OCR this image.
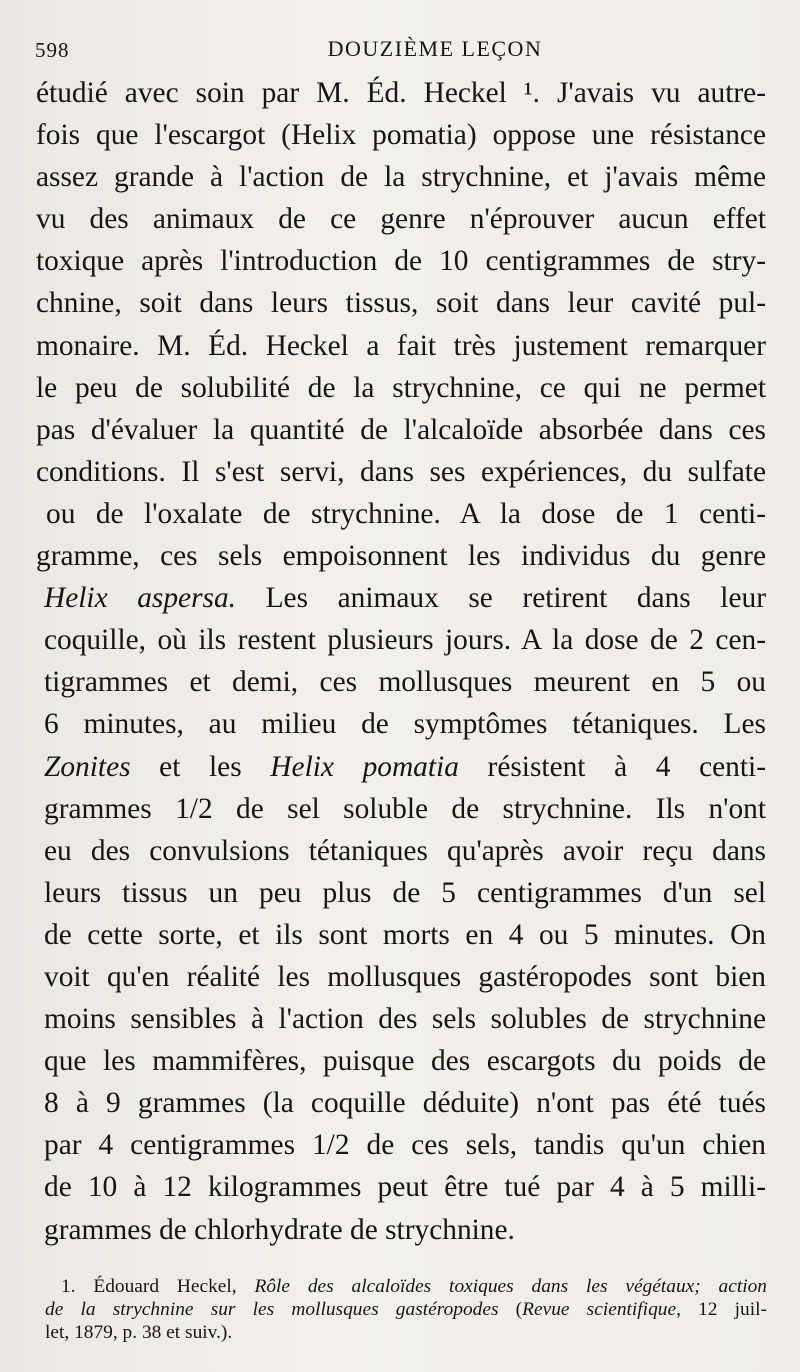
598	DOUZIÈME LEÇON
étudié avec soin par M. Éd. Heckel ¹. J'avais vu autre-
fois que l'escargot (Helix pomatia) oppose une résistance
assez grande à l'action de la strychnine, et j'avais même
vu des animaux de ce genre n'éprouver aucun effet
toxique après l'introduction de 10 centigrammes de stry-
chnine, soit dans leurs tissus, soit dans leur cavité pul-
monaire. M. Éd. Heckel a fait très justement remarquer
le peu de solubilité de la strychnine, ce qui ne permet
pas d'évaluer la quantité de l'alcaloïde absorbée dans ces
conditions. Il s'est servi, dans ses expériences, du sulfate
ou de l'oxalate de strychnine. A la dose de 1 centi-
gramme, ces sels empoisonnent les individus du genre
Helix aspersa. Les animaux se retirent dans leur
coquille, où ils restent plusieurs jours. A la dose de 2 cen-
tigrammes et demi, ces mollusques meurent en 5 ou
6 minutes, au milieu de symptômes tétaniques. Les
Zonites et les Helix pomatia résistent à 4 centi-
grammes 1/2 de sel soluble de strychnine. Ils n'ont
eu des convulsions tétaniques qu'après avoir reçu dans
leurs tissus un peu plus de 5 centigrammes d'un sel
de cette sorte, et ils sont morts en 4 ou 5 minutes. On
voit qu'en réalité les mollusques gastéropodes sont bien
moins sensibles à l'action des sels solubles de strychnine
que les mammifères, puisque des escargots du poids de
8 à 9 grammes (la coquille déduite) n'ont pas été tués
par 4 centigrammes 1/2 de ces sels, tandis qu'un chien
de 10 à 12 kilogrammes peut être tué par 4 à 5 milli-
grammes de chlorhydrate de strychnine.
1. Édouard Heckel, Rôle des alcaloïdes toxiques dans les végétaux; action
de la strychnine sur les mollusques gastéropodes (Revue scientifique, 12 juil-
let, 1879, p. 38 et suiv.).
